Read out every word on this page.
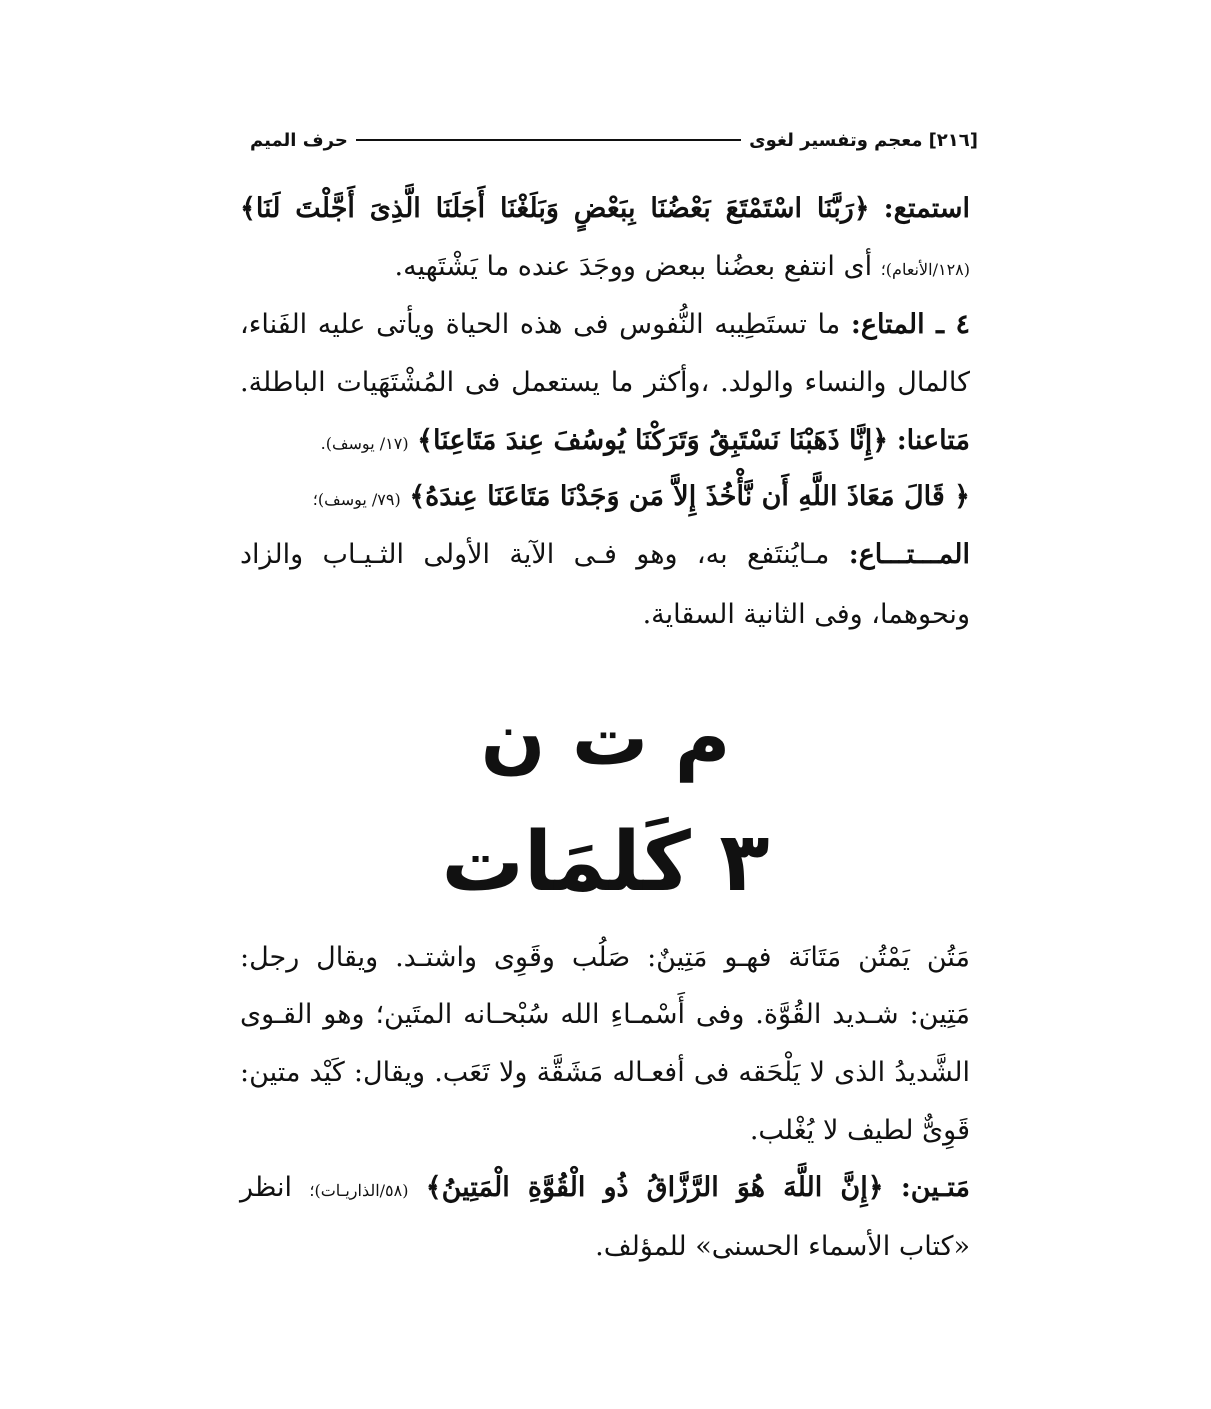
[٢١٦]
معجم وتفسير لغوى
حرف الميم
استمتع: ﴿رَبَّنَا اسْتَمْتَعَ بَعْضُنَا بِبَعْضٍ وَبَلَغْنَا أَجَلَنَا الَّذِىَ أَجَّلْتَ لَنَا﴾
(١٢٨/الأنعام)؛ أى انتفع بعضُنا ببعض ووجَدَ عنده ما يَشْتَهيه.
٤ ـ المتاع: ما تستَطِيبه النُّفوس فى هذه الحياة ويأتى عليه الفَناء،
كالمال والنساء والولد. ،وأكثر ما يستعمل فى المُشْتَهَيات الباطلة.
مَتاعنا: ﴿إِنَّا ذَهَبْنَا نَسْتَبِقُ وَتَرَكْنَا يُوسُفَ عِندَ مَتَاعِنَا﴾ (١٧/ يوسف).
﴿ قَالَ مَعَاذَ اللَّهِ أَن نَّأْخُذَ إِلاَّ مَن وَجَدْنَا مَتَاعَنَا عِندَهُ﴾ (٧٩/ يوسف)؛
المـــتـــاع: مـايُنتَفع به، وهو فـى الآية الأولى الثـيـاب والزاد
ونحوهما، وفى الثانية السقاية.
م ت ن
٣ كَلمَات
مَتُن يَمْتُن مَتَانَة فهـو مَتِينٌ: صَلُب وقَوِى واشتـد. ويقال رجل:
مَتِين: شـديد القُوَّة. وفى أَسْمـاءِ الله سُبْحـانه المتَين؛ وهو القـوى
الشَّديدُ الذى لا يَلْحَقه فى أفعـاله مَشَقَّة ولا تَعَب. ويقال: كَيْد متين:
قَوِىٌّ لطيف لا يُغْلب.
مَتـين: ﴿إِنَّ اللَّهَ هُوَ الرَّزَّاقُ ذُو الْقُوَّةِ الْمَتِينُ﴾ (٥٨/الذاريـات)؛ انظر
«كتاب الأسماء الحسنى» للمؤلف.
